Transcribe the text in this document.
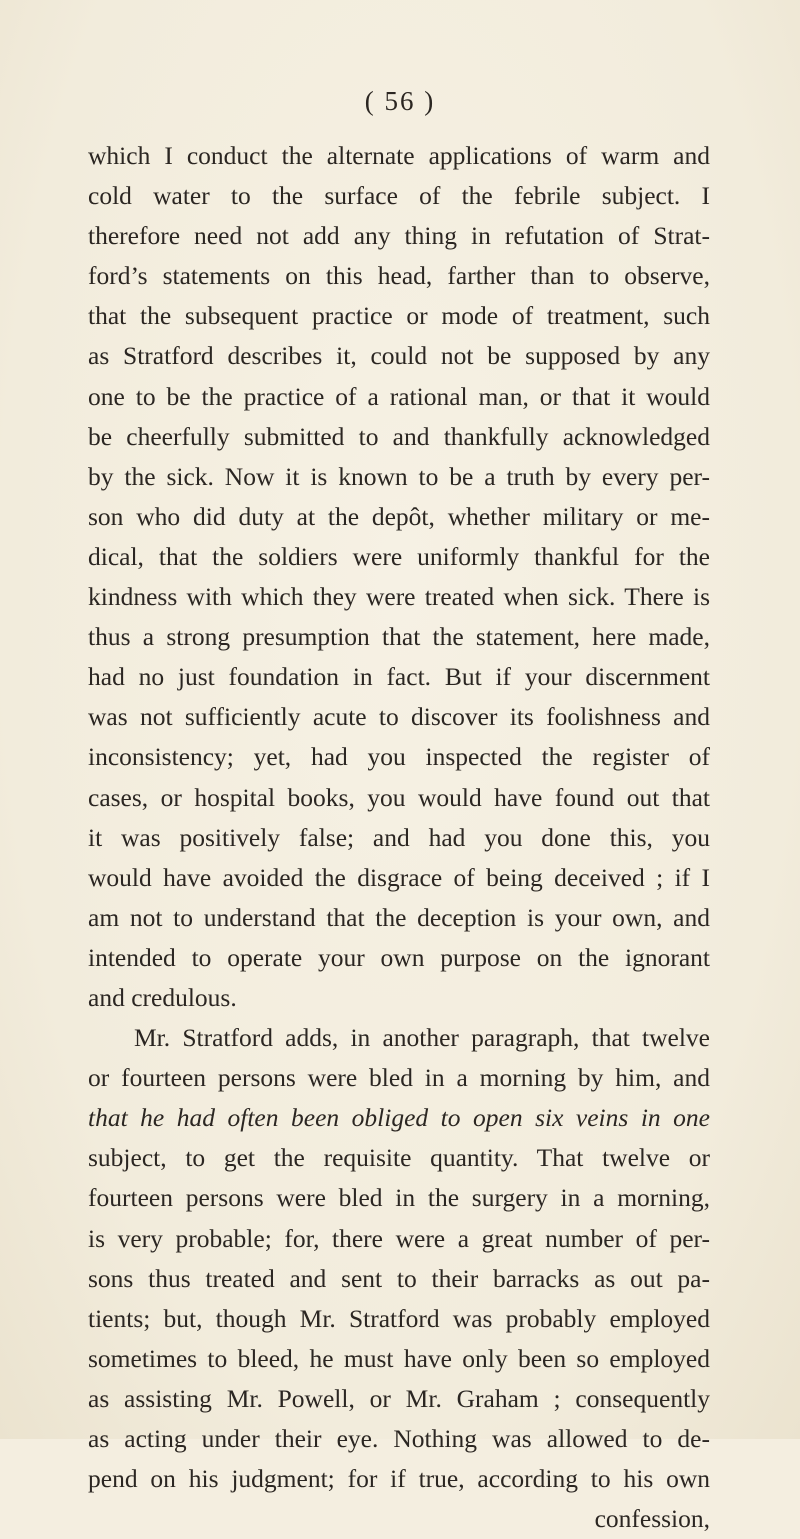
( 56 )
which I conduct the alternate applications of warm and
cold water to the surface of the febrile subject. I
therefore need not add any thing in refutation of Strat-
ford’s statements on this head, farther than to observe,
that the subsequent practice or mode of treatment, such
as Stratford describes it, could not be supposed by any
one to be the practice of a rational man, or that it would
be cheerfully submitted to and thankfully acknowledged
by the sick. Now it is known to be a truth by every per-
son who did duty at the depôt, whether military or me-
dical, that the soldiers were uniformly thankful for the
kindness with which they were treated when sick. There is
thus a strong presumption that the statement, here made,
had no just foundation in fact. But if your discernment
was not sufficiently acute to discover its foolishness and
inconsistency; yet, had you inspected the register of
cases, or hospital books, you would have found out that
it was positively false; and had you done this, you
would have avoided the disgrace of being deceived ; if I
am not to understand that the deception is your own, and
intended to operate your own purpose on the ignorant
and credulous.
Mr. Stratford adds, in another paragraph, that twelve
or fourteen persons were bled in a morning by him, and
that he had often been obliged to open six veins in one
subject, to get the requisite quantity. That twelve or
fourteen persons were bled in the surgery in a morning,
is very probable; for, there were a great number of per-
sons thus treated and sent to their barracks as out pa-
tients; but, though Mr. Stratford was probably employed
sometimes to bleed, he must have only been so employed
as assisting Mr. Powell, or Mr. Graham ; consequently
as acting under their eye. Nothing was allowed to de-
pend on his judgment; for if true, according to his own
confession,
